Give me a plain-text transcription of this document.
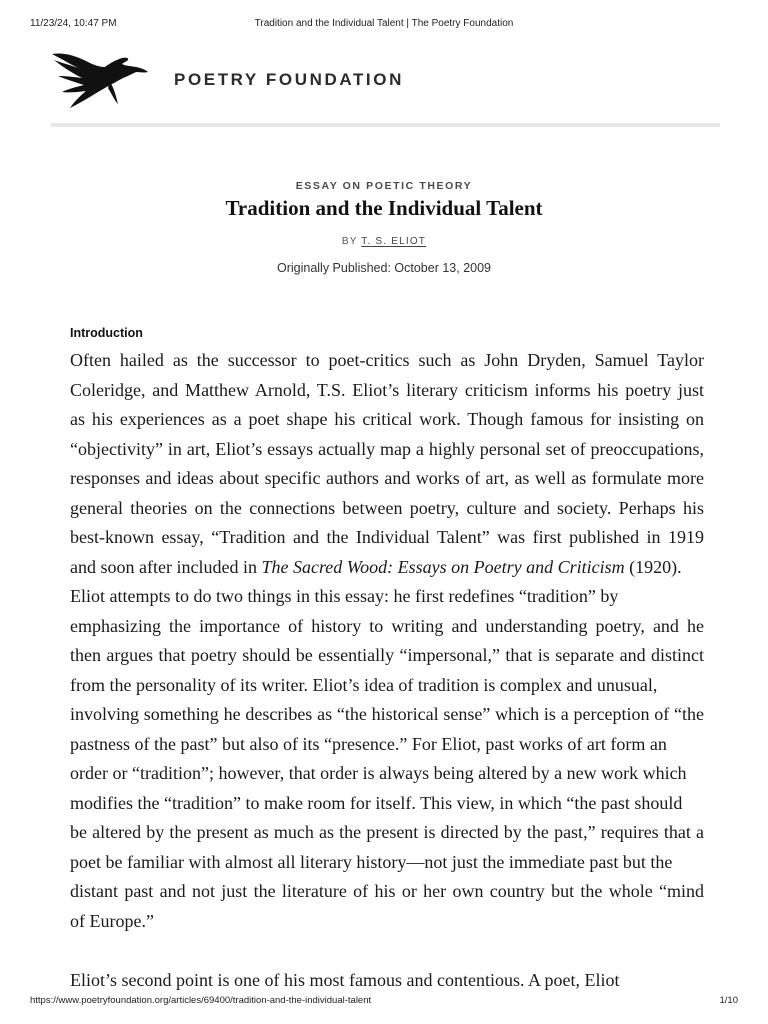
11/23/24, 10:47 PM	Tradition and the Individual Talent | The Poetry Foundation
POETRY FOUNDATION
ESSAY ON POETIC THEORY
Tradition and the Individual Talent
BY T. S. ELIOT
Originally Published: October 13, 2009
Introduction
Often hailed as the successor to poet-critics such as John Dryden, Samuel Taylor
Coleridge, and Matthew Arnold, T.S. Eliot’s literary criticism informs his poetry just
as his experiences as a poet shape his critical work. Though famous for insisting on
“objectivity” in art, Eliot’s essays actually map a highly personal set of preoccupations,
responses and ideas about specific authors and works of art, as well as formulate more
general theories on the connections between poetry, culture and society. Perhaps his
best-known essay, “Tradition and the Individual Talent” was first published in 1919
and soon after included in The Sacred Wood: Essays on Poetry and Criticism (1920).
Eliot attempts to do two things in this essay: he first redefines “tradition” by
emphasizing the importance of history to writing and understanding poetry, and he
then argues that poetry should be essentially “impersonal,” that is separate and distinct
from the personality of its writer. Eliot’s idea of tradition is complex and unusual,
involving something he describes as “the historical sense” which is a perception of “the
pastness of the past” but also of its “presence.” For Eliot, past works of art form an
order or “tradition”; however, that order is always being altered by a new work which
modifies the “tradition” to make room for itself. This view, in which “the past should
be altered by the present as much as the present is directed by the past,” requires that a
poet be familiar with almost all literary history—not just the immediate past but the
distant past and not just the literature of his or her own country but the whole “mind
of Europe.”
Eliot’s second point is one of his most famous and contentious. A poet, Eliot
https://www.poetryfoundation.org/articles/69400/tradition-and-the-individual-talent	1/10
